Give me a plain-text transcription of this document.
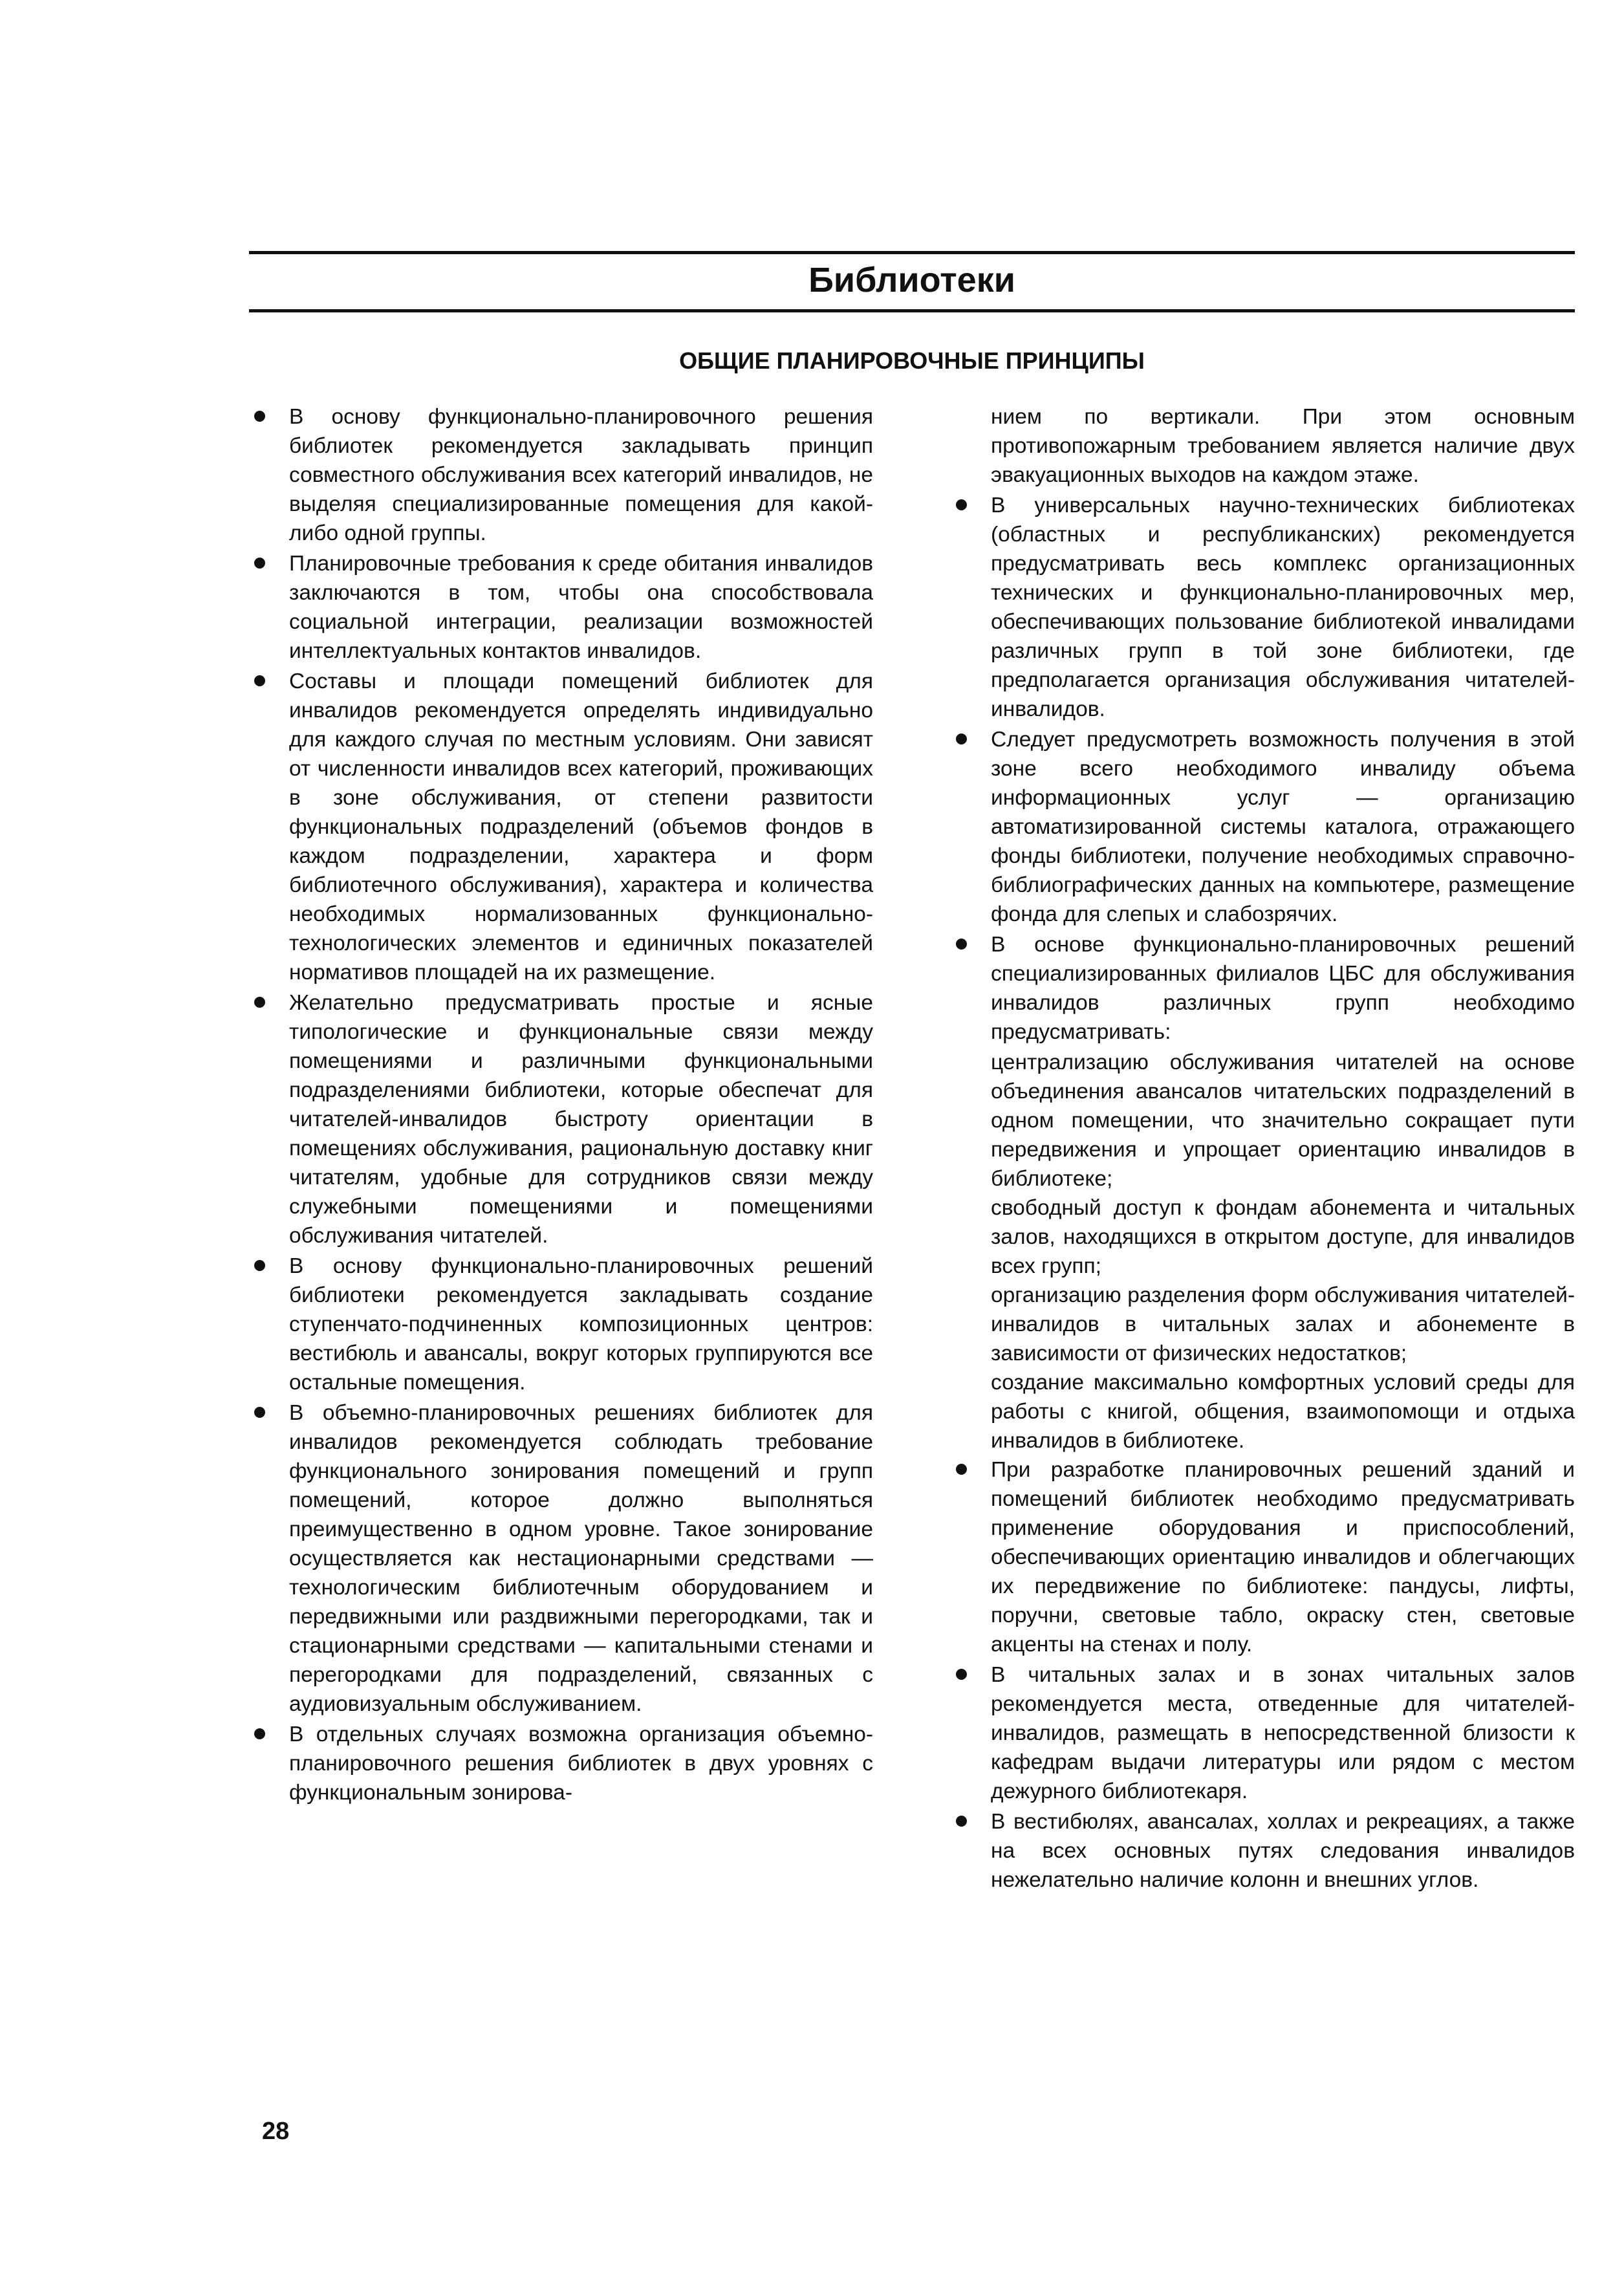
Библиотеки
ОБЩИЕ ПЛАНИРОВОЧНЫЕ ПРИНЦИПЫ
В основу функционально-планировочного решения библиотек рекомендуется закладывать принцип совместного обслуживания всех категорий инвалидов, не выделяя специализированные помещения для какой-либо одной группы.
Планировочные требования к среде обитания инвалидов заключаются в том, чтобы она способствовала социальной интеграции, реализации возможностей интеллектуальных контактов инвалидов.
Составы и площади помещений библиотек для инвалидов рекомендуется определять индивидуально для каждого случая по местным условиям. Они зависят от численности инвалидов всех категорий, проживающих в зоне обслуживания, от степени развитости функциональных подразделений (объемов фондов в каждом подразделении, характера и форм библиотечного обслуживания), характера и количества необходимых нормализованных функционально-технологических элементов и единичных показателей нормативов площадей на их размещение.
Желательно предусматривать простые и ясные типологические и функциональные связи между помещениями и различными функциональными подразделениями библиотеки, которые обеспечат для читателей-инвалидов быстроту ориентации в помещениях обслуживания, рациональную доставку книг читателям, удобные для сотрудников связи между служебными помещениями и помещениями обслуживания читателей.
В основу функционально-планировочных решений библиотеки рекомендуется закладывать создание ступенчато-подчиненных композиционных центров: вестибюль и авансалы, вокруг которых группируются все остальные помещения.
В объемно-планировочных решениях библиотек для инвалидов рекомендуется соблюдать требование функционального зонирования помещений и групп помещений, которое должно выполняться преимущественно в одном уровне. Такое зонирование осуществляется как нестационарными средствами — технологическим библиотечным оборудованием и передвижными или раздвижными перегородками, так и стационарными средствами — капитальными стенами и перегородками для подразделений, связанных с аудиовизуальным обслуживанием.
В отдельных случаях возможна организация объемно-планировочного решения библиотек в двух уровнях с функциональным зонирова-
нием по вертикали. При этом основным противопожарным требованием является наличие двух эвакуационных выходов на каждом этаже.
В универсальных научно-технических библиотеках (областных и республиканских) рекомендуется предусматривать весь комплекс организационных технических и функционально-планировочных мер, обеспечивающих пользование библиотекой инвалидами различных групп в той зоне библиотеки, где предполагается организация обслуживания читателей-инвалидов.
Следует предусмотреть возможность получения в этой зоне всего необходимого инвалиду объема информационных услуг — организацию автоматизированной системы каталога, отражающего фонды библиотеки, получение необходимых справочно-библиографических данных на компьютере, размещение фонда для слепых и слабозрячих.
В основе функционально-планировочных решений специализированных филиалов ЦБС для обслуживания инвалидов различных групп необходимо предусматривать:

централизацию обслуживания читателей на основе объединения авансалов читательских подразделений в одном помещении, что значительно сокращает пути передвижения и упрощает ориентацию инвалидов в библиотеке;

свободный доступ к фондам абонемента и читальных залов, находящихся в открытом доступе, для инвалидов всех групп;

организацию разделения форм обслуживания читателей-инвалидов в читальных залах и абонементе в зависимости от физических недостатков;

создание максимально комфортных условий среды для работы с книгой, общения, взаимопомощи и отдыха инвалидов в библиотеке.

При разработке планировочных решений зданий и помещений библиотек необходимо предусматривать применение оборудования и приспособлений, обеспечивающих ориентацию инвалидов и облегчающих их передвижение по библиотеке: пандусы, лифты, поручни, световые табло, окраску стен, световые акценты на стенах и полу.
В читальных залах и в зонах читальных залов рекомендуется места, отведенные для читателей-инвалидов, размещать в непосредственной близости к кафедрам выдачи литературы или рядом с местом дежурного библиотекаря.
В вестибюлях, авансалах, холлах и рекреациях, а также на всех основных путях следования инвалидов нежелательно наличие колонн и внешних углов.
28
